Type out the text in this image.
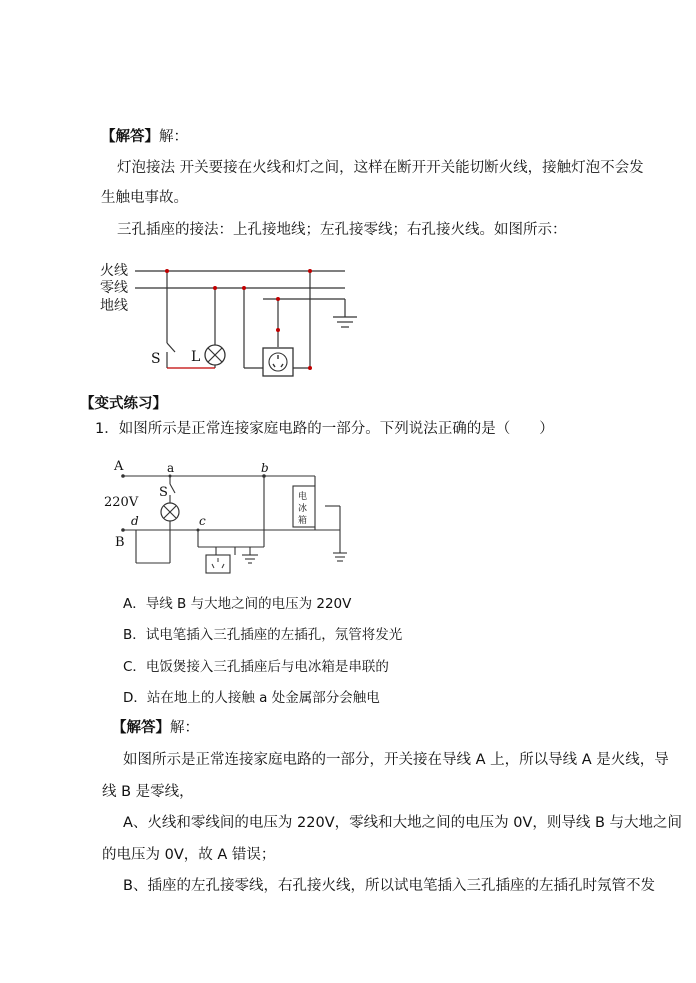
【解答】解：
灯泡接法 开关要接在火线和灯之间，这样在断开开关能切断火线，接触灯泡不会发
生触电事故。
三孔插座的接法：上孔接地线；左孔接零线；右孔接火线。如图所示：
火线
零线
地线
S L
【变式练习】
1．如图所示是正常连接家庭电路的一部分。下列说法正确的是（　　）
A	a	b
S
220V
d	c
B
电
冰
箱
A．导线 B 与大地之间的电压为 220V
B．试电笔插入三孔插座的左插孔，氖管将发光
C．电饭煲接入三孔插座后与电冰箱是串联的
D．站在地上的人接触 a 处金属部分会触电
【解答】解：
如图所示是正常连接家庭电路的一部分，开关接在导线 A 上，所以导线 A 是火线，导
线 B 是零线，
A、火线和零线间的电压为 220V，零线和大地之间的电压为 0V，则导线 B 与大地之间
的电压为 0V，故 A 错误；
B、插座的左孔接零线，右孔接火线，所以试电笔插入三孔插座的左插孔时氖管不发
